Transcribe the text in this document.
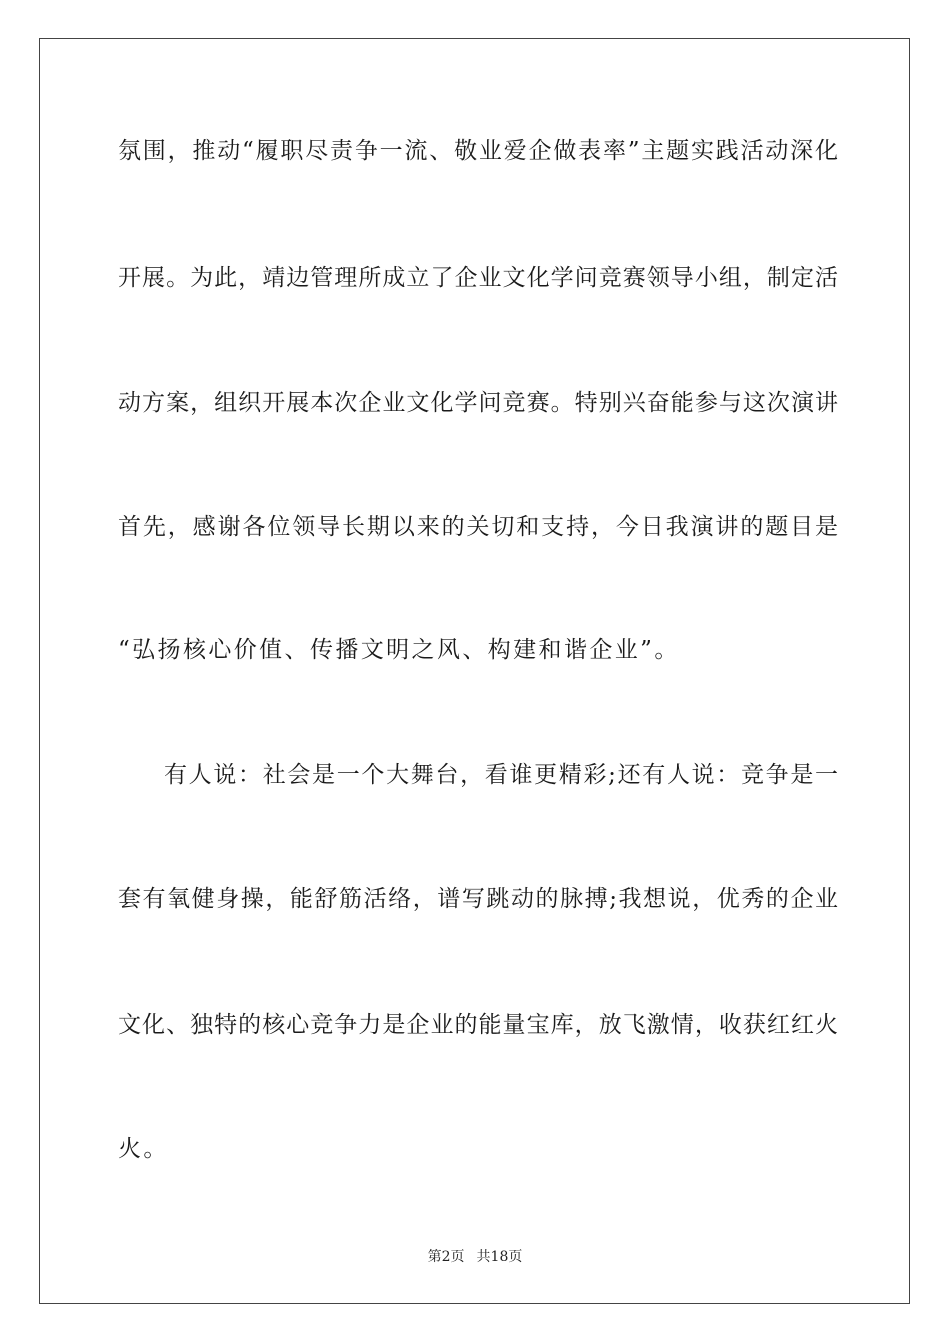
氛围，推动“履职尽责争一流、敬业爱企做表率”主题实践活动深化
开展。为此，靖边管理所成立了企业文化学问竞赛领导小组，制定活
动方案，组织开展本次企业文化学问竞赛。特别兴奋能参与这次演讲
首先，感谢各位领导长期以来的关切和支持，今日我演讲的题目是
“弘扬核心价值、传播文明之风、构建和谐企业”。
有人说：社会是一个大舞台，看谁更精彩;还有人说：竞争是一
套有氧健身操，能舒筋活络，谱写跳动的脉搏;我想说，优秀的企业
文化、独特的核心竞争力是企业的能量宝库，放飞激情，收获红红火
火。
第2页 共18页
